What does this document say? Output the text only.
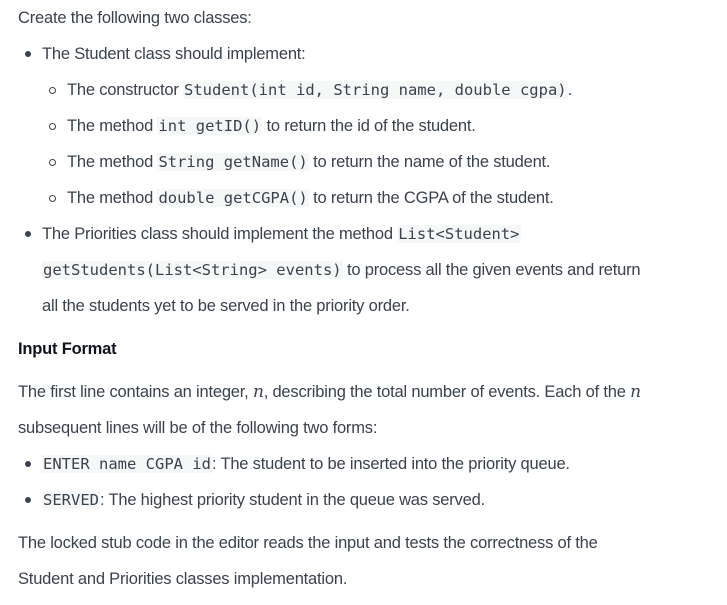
Create the following two classes:
The Student class should implement:
The constructor Student(int id, String name, double cgpa).
The method int getID() to return the id of the student.
The method String getName() to return the name of the student.
The method double getCGPA() to return the CGPA of the student.
The Priorities class should implement the method List<Student>
getStudents(List<String> events) to process all the given events and return
all the students yet to be served in the priority order.
Input Format
The first line contains an integer, n, describing the total number of events. Each of the n
subsequent lines will be of the following two forms:
ENTER name CGPA id: The student to be inserted into the priority queue.
SERVED: The highest priority student in the queue was served.
The locked stub code in the editor reads the input and tests the correctness of the
Student and Priorities classes implementation.
